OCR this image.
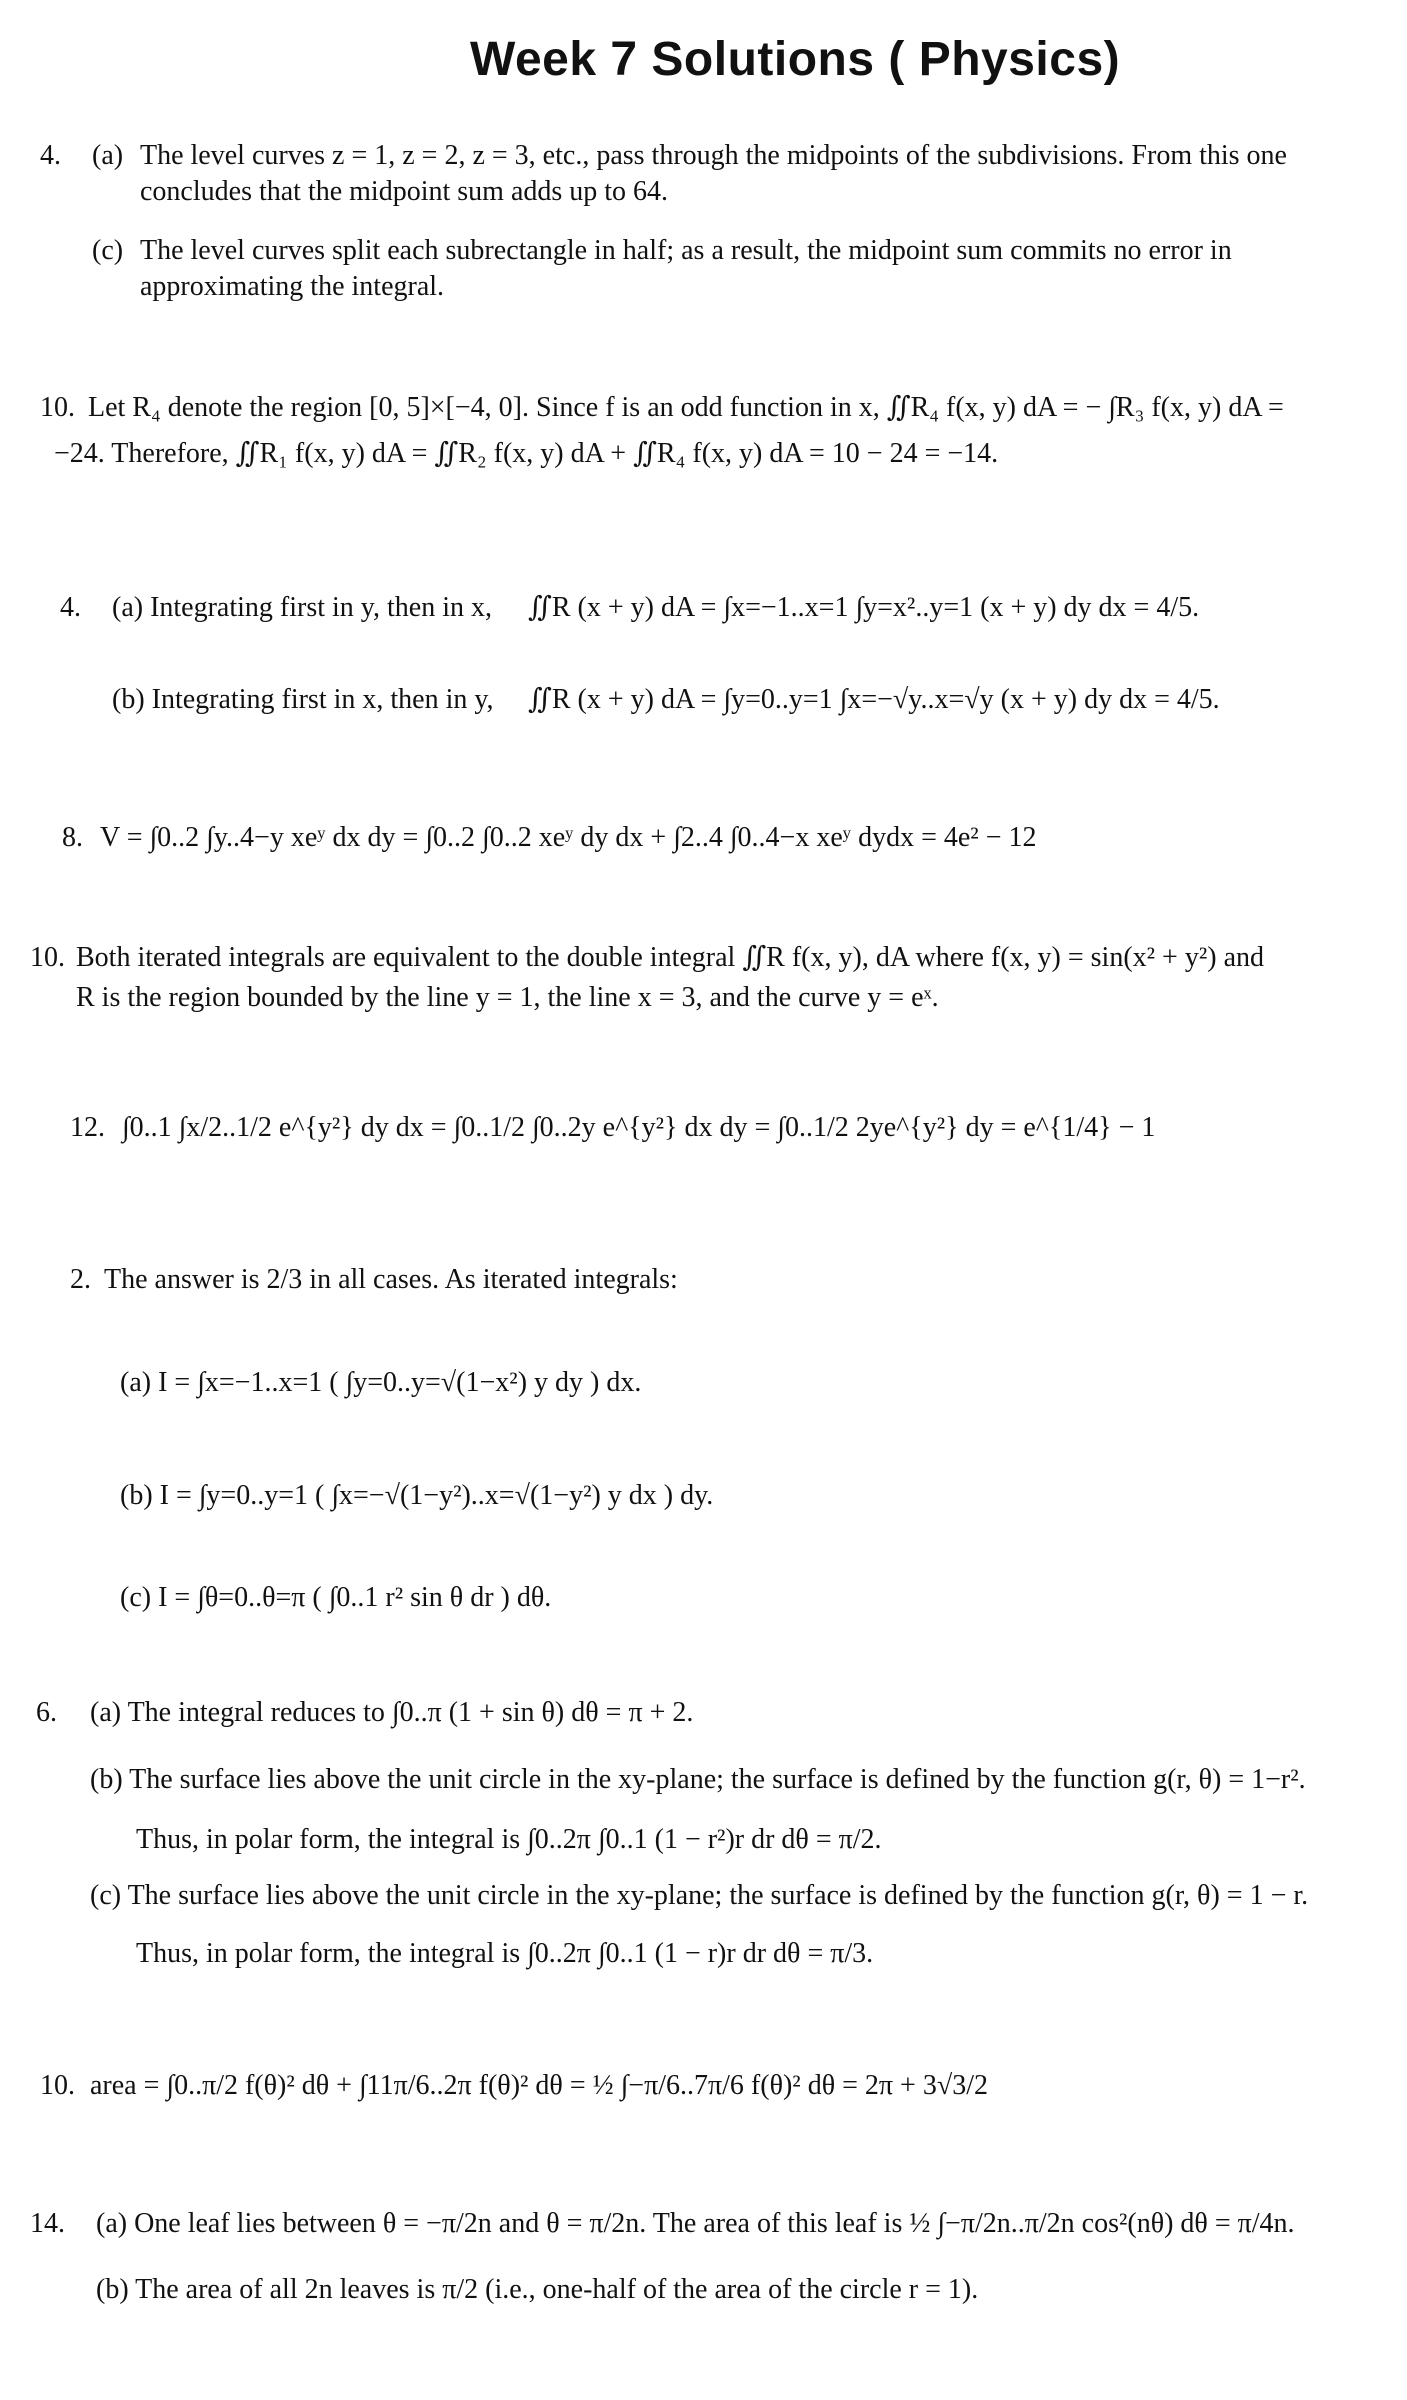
Week 7 Solutions ( Physics)
4.	(a) The level curves z = 1, z = 2, z = 3, etc., pass through the midpoints of the subdivisions. From this one concludes that the midpoint sum adds up to 64.
(c) The level curves split each subrectangle in half; as a result, the midpoint sum commits no error in approximating the integral.
10. Let R₄ denote the region [0, 5]×[−4, 0]. Since f is an odd function in x, ∬R₄ f(x, y) dA = − ∫R₃ f(x, y) dA =
−24. Therefore, ∬R₁ f(x, y) dA = ∬R₂ f(x, y) dA + ∬R₄ f(x, y) dA = 10 − 24 = −14.
4.	(a) Integrating first in y, then in x,	∬R (x + y) dA = ∫x=−1..x=1 ∫y=x²..y=1 (x + y) dy dx = 4/5.
(b) Integrating first in x, then in y,	∬R (x + y) dA = ∫y=0..y=1 ∫x=−√y..x=√y (x + y) dy dx = 4/5.
8. V = ∫0..2 ∫y..4−y xeʸ dx dy = ∫0..2 ∫0..2 xeʸ dy dx + ∫2..4 ∫0..4−x xeʸ dydx = 4e² − 12
10. Both iterated integrals are equivalent to the double integral ∬R f(x, y), dA where f(x, y) = sin(x² + y²) and
R is the region bounded by the line y = 1, the line x = 3, and the curve y = eˣ.
12. ∫0..1 ∫x/2..1/2 e^{y²} dy dx = ∫0..1/2 ∫0..2y e^{y²} dx dy = ∫0..1/2 2ye^{y²} dy = e^{1/4} − 1
2. The answer is 2/3 in all cases. As iterated integrals:
(a) I = ∫x=−1..x=1 ( ∫y=0..y=√(1−x²) y dy ) dx.
(b) I = ∫y=0..y=1 ( ∫x=−√(1−y²)..x=√(1−y²) y dx ) dy.
(c) I = ∫θ=0..θ=π ( ∫0..1 r² sin θ dr ) dθ.
6.	(a) The integral reduces to ∫0..π (1 + sin θ) dθ = π + 2.
(b) The surface lies above the unit circle in the xy-plane; the surface is defined by the function g(r, θ) = 1−r².
Thus, in polar form, the integral is ∫0..2π ∫0..1 (1 − r²)r dr dθ = π/2.
(c) The surface lies above the unit circle in the xy-plane; the surface is defined by the function g(r, θ) = 1 − r.
Thus, in polar form, the integral is ∫0..2π ∫0..1 (1 − r)r dr dθ = π/3.
10. area = ∫0..π/2 f(θ)² dθ + ∫11π/6..2π f(θ)² dθ = ½ ∫−π/6..7π/6 f(θ)² dθ = 2π + 3√3/2
14.	(a) One leaf lies between θ = −π/2n and θ = π/2n. The area of this leaf is ½ ∫−π/2n..π/2n cos²(nθ) dθ = π/4n.
(b) The area of all 2n leaves is π/2 (i.e., one-half of the area of the circle r = 1).
